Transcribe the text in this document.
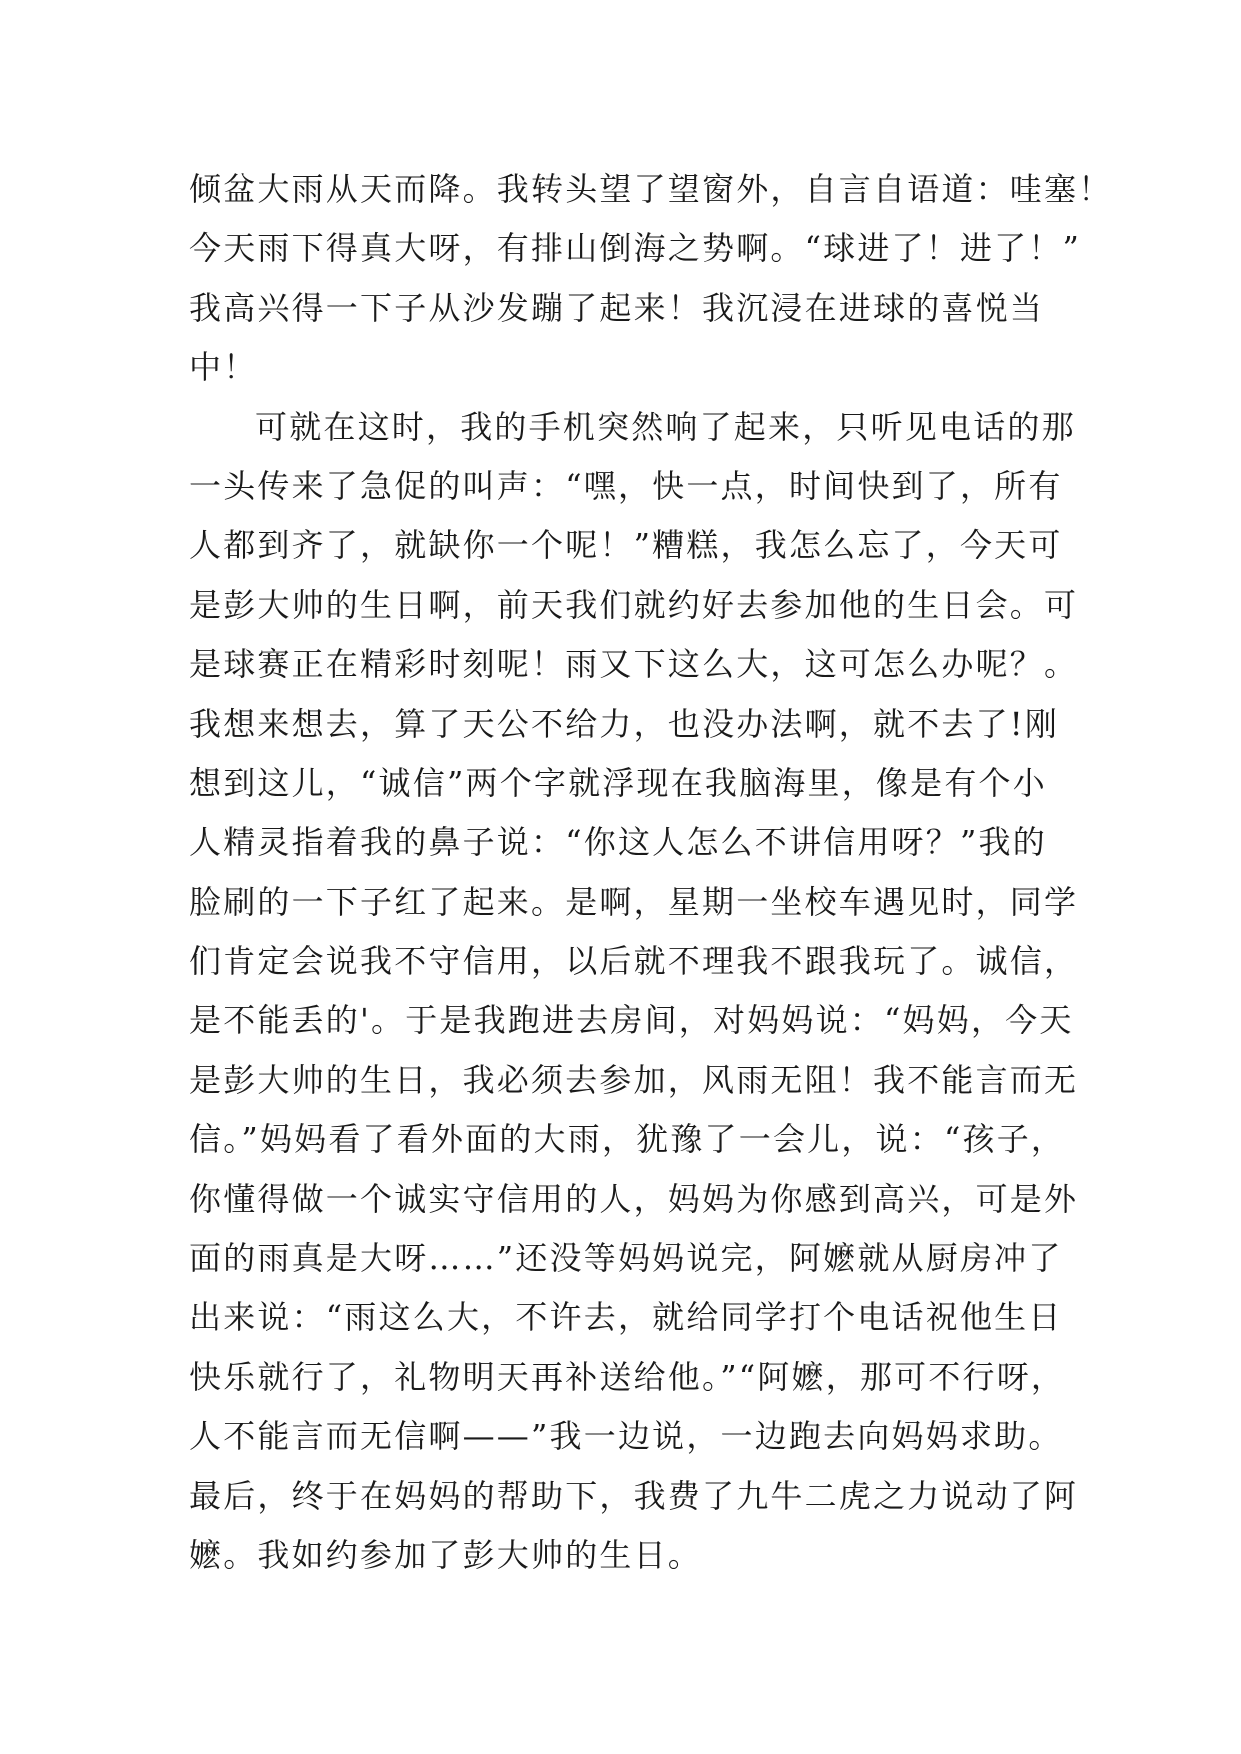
倾盆大雨从天而降。我转头望了望窗外，自言自语道：哇塞！
今天雨下得真大呀，有排山倒海之势啊。“球进了！进了！”
我高兴得一下子从沙发蹦了起来！我沉浸在进球的喜悦当
中！
可就在这时，我的手机突然响了起来，只听见电话的那
一头传来了急促的叫声：“嘿，快一点，时间快到了，所有
人都到齐了，就缺你一个呢！”糟糕，我怎么忘了，今天可
是彭大帅的生日啊，前天我们就约好去参加他的生日会。可
是球赛正在精彩时刻呢！雨又下这么大，这可怎么办呢？。
我想来想去，算了天公不给力，也没办法啊，就不去了!刚
想到这儿，“诚信”两个字就浮现在我脑海里，像是有个小
人精灵指着我的鼻子说：“你这人怎么不讲信用呀？”我的
脸刷的一下子红了起来。是啊，星期一坐校车遇见时，同学
们肯定会说我不守信用，以后就不理我不跟我玩了。诚信，
是不能丢的'。于是我跑进去房间，对妈妈说：“妈妈，今天
是彭大帅的生日，我必须去参加，风雨无阻！我不能言而无
信。”妈妈看了看外面的大雨，犹豫了一会儿，说：“孩子，
你懂得做一个诚实守信用的人，妈妈为你感到高兴，可是外
面的雨真是大呀……”还没等妈妈说完，阿嬷就从厨房冲了
出来说：“雨这么大，不许去，就给同学打个电话祝他生日
快乐就行了，礼物明天再补送给他。”“阿嬷，那可不行呀，
人不能言而无信啊——”我一边说，一边跑去向妈妈求助。
最后，终于在妈妈的帮助下，我费了九牛二虎之力说动了阿
嬷。我如约参加了彭大帅的生日。
